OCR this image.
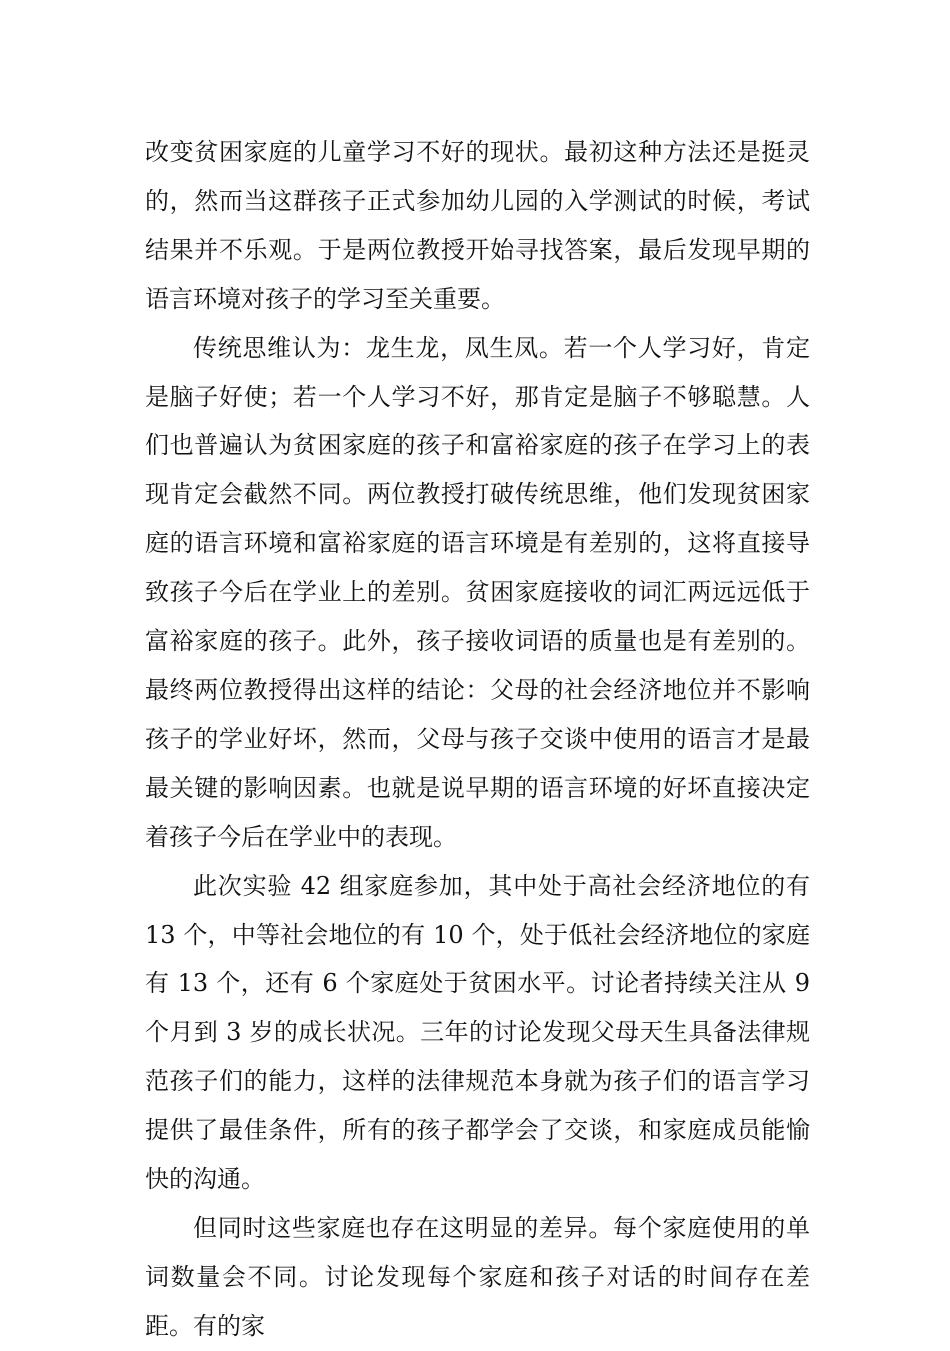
改变贫困家庭的儿童学习不好的现状。最初这种方法还是挺灵的，然而当这群孩子正式参加幼儿园的入学测试的时候，考试结果并不乐观。于是两位教授开始寻找答案，最后发现早期的语言环境对孩子的学习至关重要。

传统思维认为：龙生龙，凤生凤。若一个人学习好，肯定是脑子好使；若一个人学习不好，那肯定是脑子不够聪慧。人们也普遍认为贫困家庭的孩子和富裕家庭的孩子在学习上的表现肯定会截然不同。两位教授打破传统思维，他们发现贫困家庭的语言环境和富裕家庭的语言环境是有差别的，这将直接导致孩子今后在学业上的差别。贫困家庭接收的词汇两远远低于富裕家庭的孩子。此外，孩子接收词语的质量也是有差别的。最终两位教授得出这样的结论：父母的社会经济地位并不影响孩子的学业好坏，然而，父母与孩子交谈中使用的语言才是最最关键的影响因素。也就是说早期的语言环境的好坏直接决定着孩子今后在学业中的表现。

此次实验 42 组家庭参加，其中处于高社会经济地位的有 13 个，中等社会地位的有 10 个，处于低社会经济地位的家庭有 13 个，还有 6 个家庭处于贫困水平。讨论者持续关注从 9 个月到 3 岁的成长状况。三年的讨论发现父母天生具备法律规范孩子们的能力，这样的法律规范本身就为孩子们的语言学习提供了最佳条件，所有的孩子都学会了交谈，和家庭成员能愉快的沟通。

但同时这些家庭也存在这明显的差异。每个家庭使用的单词数量会不同。讨论发现每个家庭和孩子对话的时间存在差距。有的家
